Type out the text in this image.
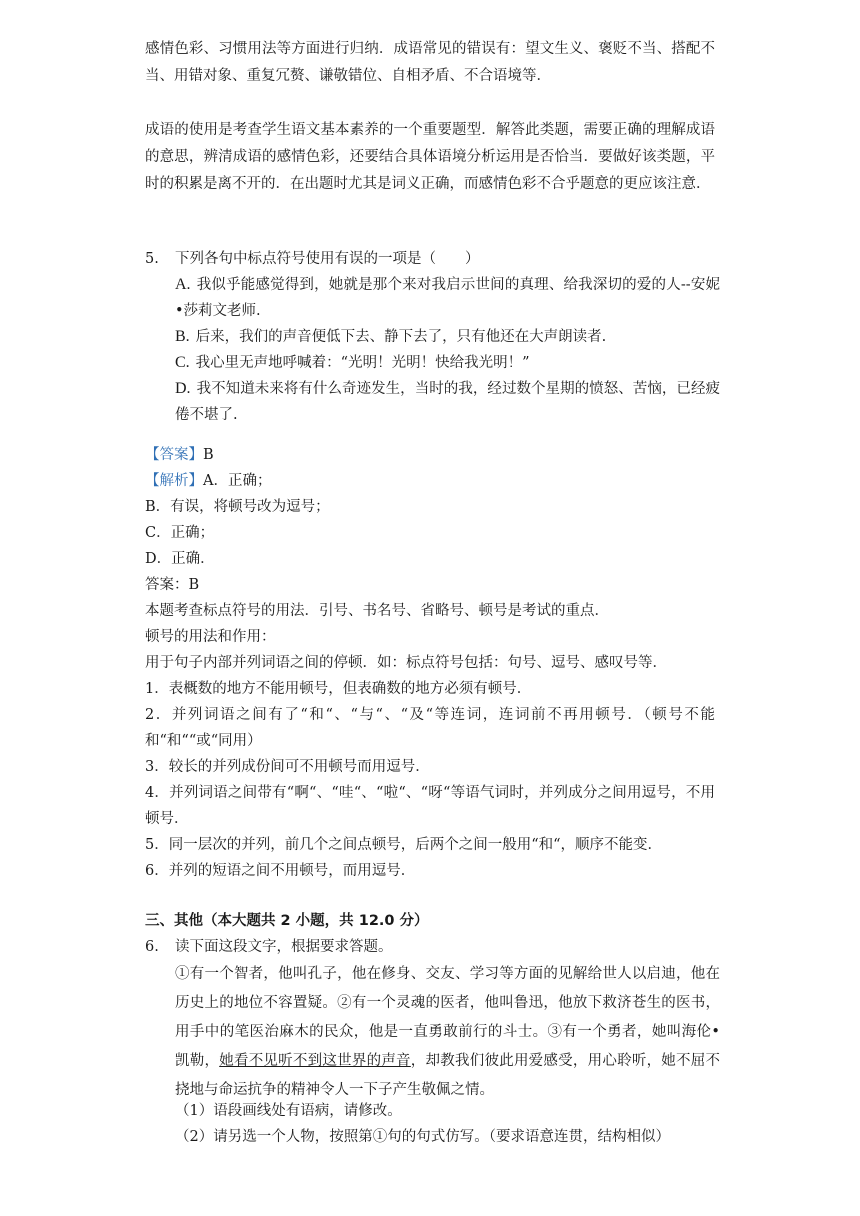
感情色彩、习惯用法等方面进行归纳．成语常见的错误有：望文生义、褒贬不当、搭配不当、用错对象、重复冗赘、谦敬错位、自相矛盾、不合语境等．

成语的使用是考查学生语文基本素养的一个重要题型．解答此类题，需要正确的理解成语的意思，辨清成语的感情色彩，还要结合具体语境分析运用是否恰当．要做好该类题，平时的积累是离不开的．在出题时尤其是词义正确，而感情色彩不合乎题意的更应该注意．

5. 下列各句中标点符号使用有误的一项是（　　）
A. 我似乎能感觉得到，她就是那个来对我启示世间的真理、给我深切的爱的人--安妮•莎莉文老师.
B. 后来，我们的声音便低下去、静下去了，只有他还在大声朗读者.
C. 我心里无声地呼喊着：“光明！光明！快给我光明！”
D. 我不知道未来将有什么奇迹发生，当时的我，经过数个星期的愤怒、苦恼，已经疲倦不堪了.
【答案】B
【解析】A．正确；
B．有误，将顿号改为逗号；
C．正确；
D．正确．
答案：B
本题考查标点符号的用法．引号、书名号、省略号、顿号是考试的重点．
顿号的用法和作用：
用于句子内部并列词语之间的停顿．如：标点符号包括：句号、逗号、感叹号等．
1．表概数的地方不能用顿号，但表确数的地方必须有顿号．
2．并列词语之间有了“和“、“与“、“及“等连词，连词前不再用顿号．（顿号不能和“和““或“同用）
3．较长的并列成份间可不用顿号而用逗号．
4．并列词语之间带有“啊“、“哇“、“啦“、“呀“等语气词时，并列成分之间用逗号，不用顿号．
5．同一层次的并列，前几个之间点顿号，后两个之间一般用“和“，顺序不能变．
6．并列的短语之间不用顿号，而用逗号．
三、其他（本大题共 2 小题，共 12.0 分）
6. 读下面这段文字，根据要求答题。
①有一个智者，他叫孔子，他在修身、交友、学习等方面的见解给世人以启迪，他在历史上的地位不容置疑。②有一个灵魂的医者，他叫鲁迅，他放下救济苍生的医书，用手中的笔医治麻木的民众，他是一直勇敢前行的斗士。③有一个勇者，她叫海伦•凯勒，她看不见听不到这世界的声音，却教我们彼此用爱感受，用心聆听，她不屈不挠地与命运抗争的精神令人一下子产生敬佩之情。
（1）语段画线处有语病，请修改。
（2）请另选一个人物，按照第①句的句式仿写。（要求语意连贯，结构相似）
